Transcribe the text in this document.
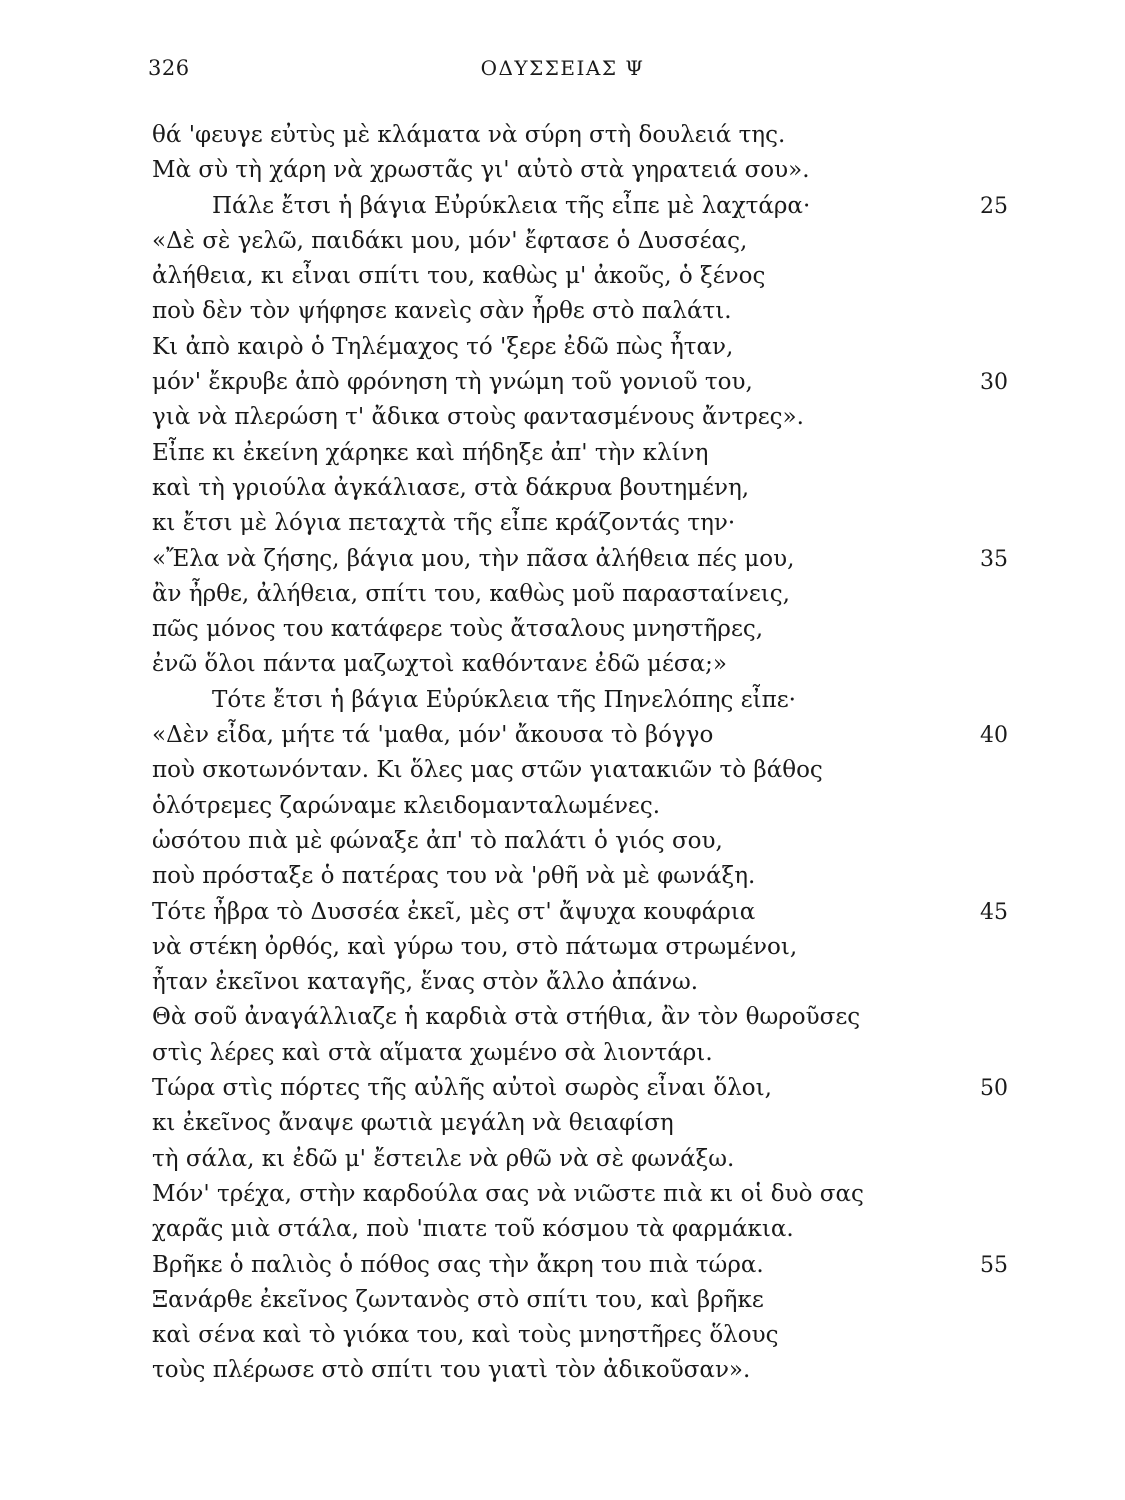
326	ΟΔΥΣΣΕΙΑΣ Ψ
θά 'φευγε εὐτὺς μὲ κλάματα νὰ σύρη στὴ δουλειά της.
Μὰ σὺ τὴ χάρη νὰ χρωστᾶς γι' αὐτὸ στὰ γηρατειά σου».
Πάλε ἔτσι ἡ βάγια Εὐρύκλεια τῆς εἶπε μὲ λαχτάρα·	25
«Δὲ σὲ γελῶ, παιδάκι μου, μόν' ἔφτασε ὁ Δυσσέας,
ἀλήθεια, κι εἶναι σπίτι του, καθὼς μ' ἀκοῦς, ὁ ξένος
ποὺ δὲν τὸν ψήφησε κανεὶς σὰν ἦρθε στὸ παλάτι.
Κι ἀπὸ καιρὸ ὁ Τηλέμαχος τό 'ξερε ἐδῶ πὼς ἦταν,
μόν' ἔκρυβε ἀπὸ φρόνηση τὴ γνώμη τοῦ γονιοῦ του,	30
γιὰ νὰ πλερώση τ' ἄδικα στοὺς φαντασμένους ἄντρες».
Εἶπε κι ἐκείνη χάρηκε καὶ πήδηξε ἀπ' τὴν κλίνη
καὶ τὴ γριούλα ἀγκάλιασε, στὰ δάκρυα βουτημένη,
κι ἔτσι μὲ λόγια πεταχτὰ τῆς εἶπε κράζοντάς την·
«Ἔλα νὰ ζήσης, βάγια μου, τὴν πᾶσα ἀλήθεια πές μου,	35
ἂν ἦρθε, ἀλήθεια, σπίτι του, καθὼς μοῦ παρασταίνεις,
πῶς μόνος του κατάφερε τοὺς ἄτσαλους μνηστῆρες,
ἐνῶ ὅλοι πάντα μαζωχτοὶ καθόντανε ἐδῶ μέσα;»
Τότε ἔτσι ἡ βάγια Εὐρύκλεια τῆς Πηνελόπης εἶπε·
«Δὲν εἶδα, μήτε τά 'μαθα, μόν' ἄκουσα τὸ βόγγο	40
ποὺ σκοτωνόνταν. Κι ὅλες μας στῶν γιατακιῶν τὸ βάθος
ὁλότρεμες ζαρώναμε κλειδομανταλωμένες.
ὡσότου πιὰ μὲ φώναξε ἀπ' τὸ παλάτι ὁ γιός σου,
ποὺ πρόσταξε ὁ πατέρας του νὰ 'ρθῆ νὰ μὲ φωνάξη.
Τότε ἦβρα τὸ Δυσσέα ἐκεῖ, μὲς στ' ἄψυχα κουφάρια	45
νὰ στέκη ὀρθός, καὶ γύρω του, στὸ πάτωμα στρωμένοι,
ἦταν ἐκεῖνοι καταγῆς, ἕνας στὸν ἄλλο ἀπάνω.
Θὰ σοῦ ἀναγάλλιαζε ἡ καρδιὰ στὰ στήθια, ἂν τὸν θωροῦσες
στὶς λέρες καὶ στὰ αἵματα χωμένο σὰ λιοντάρι.
Τώρα στὶς πόρτες τῆς αὐλῆς αὐτοὶ σωρὸς εἶναι ὅλοι,	50
κι ἐκεῖνος ἄναψε φωτιὰ μεγάλη νὰ θειαφίση
τὴ σάλα, κι ἐδῶ μ' ἔστειλε νὰ ρθῶ νὰ σὲ φωνάξω.
Μόν' τρέχα, στὴν καρδούλα σας νὰ νιῶστε πιὰ κι οἱ δυὸ σας
χαρᾶς μιὰ στάλα, ποὺ 'πιατε τοῦ κόσμου τὰ φαρμάκια.
Βρῆκε ὁ παλιὸς ὁ πόθος σας τὴν ἄκρη του πιὰ τώρα.	55
Ξανάρθε ἐκεῖνος ζωντανὸς στὸ σπίτι του, καὶ βρῆκε
καὶ σένα καὶ τὸ γιόκα του, καὶ τοὺς μνηστῆρες ὅλους
τοὺς πλέρωσε στὸ σπίτι του γιατὶ τὸν ἀδικοῦσαν».
